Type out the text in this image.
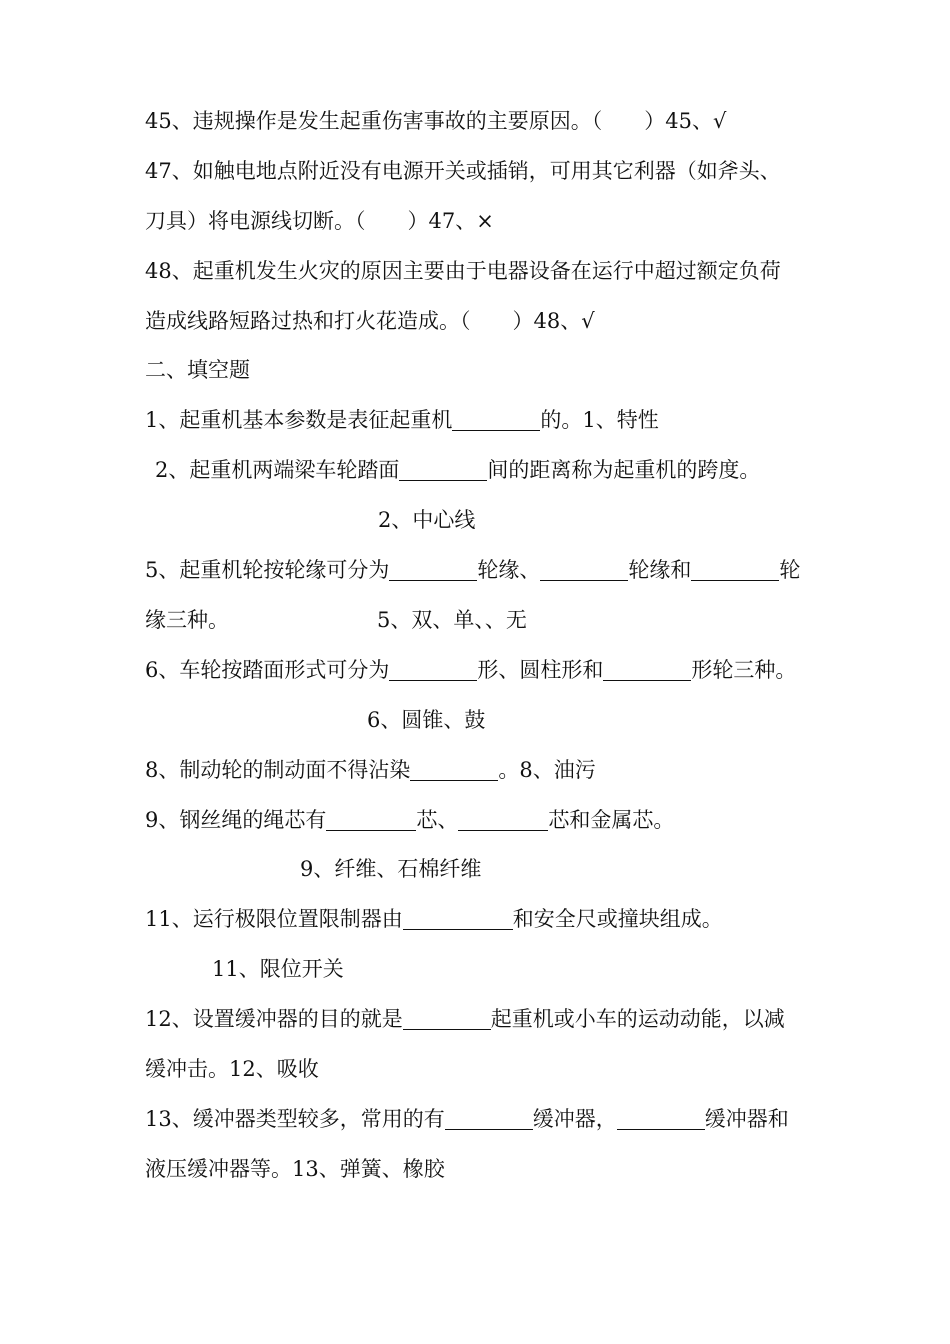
45、违规操作是发生起重伤害事故的主要原因。（　　）45、√
47、如触电地点附近没有电源开关或插销，可用其它利器（如斧头、
刀具）将电源线切断。（　　）47、×
48、起重机发生火灾的原因主要由于电器设备在运行中超过额定负荷
造成线路短路过热和打火花造成。（　　）48、√
二、填空题
1、起重机基本参数是表征起重机	的。1、特性
2、起重机两端梁车轮踏面	间的距离称为起重机的跨度。
2、中心线
5、起重机轮按轮缘可分为	轮缘、	轮缘和	轮
缘三种。	5、双、单、、无
6、车轮按踏面形式可分为	形、圆柱形和	形轮三种。
6、圆锥、鼓
8、制动轮的制动面不得沾染	。8、油污
9、钢丝绳的绳芯有	芯、	芯和金属芯。
9、纤维、石棉纤维
11、运行极限位置限制器由	和安全尺或撞块组成。
11、限位开关
12、设置缓冲器的目的就是	起重机或小车的运动动能，以减
缓冲击。12、吸收
13、缓冲器类型较多，常用的有	缓冲器，	缓冲器和
液压缓冲器等。13、弹簧、橡胶
